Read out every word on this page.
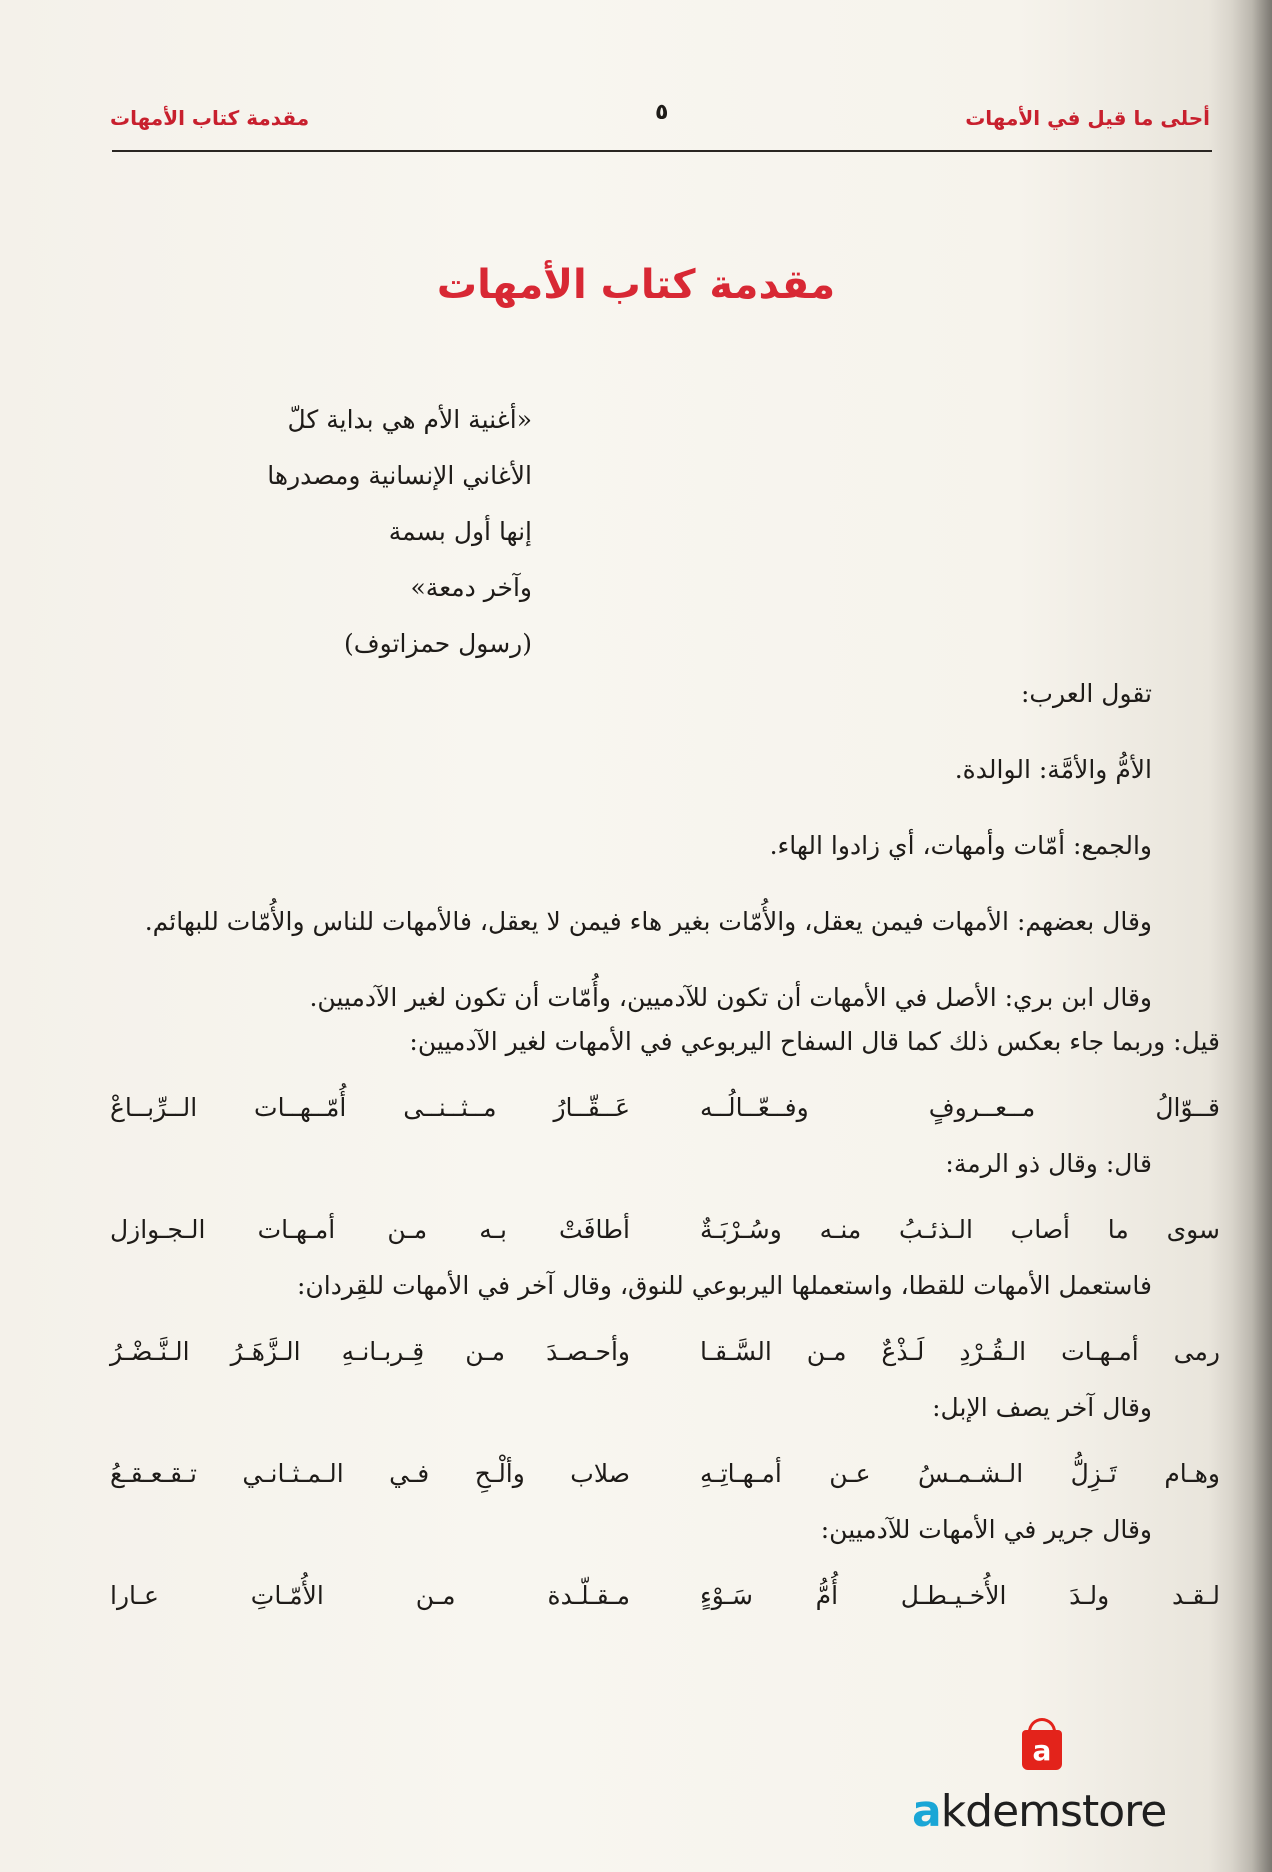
أحلى ما قيل في الأمهات
٥
مقدمة كتاب الأمهات
مقدمة كتاب الأمهات
«أغنية الأم هي بداية كلّ
الأغاني الإنسانية ومصدرها
إنها أول بسمة
وآخر دمعة»
(رسول حمزاتوف)

تقول العرب:

الأمُّ والأمَّة: الوالدة.

والجمع: أمّات وأمهات، أي زادوا الهاء.

وقال بعضهم: الأمهات فيمن يعقل، والأُمّات بغير هاء فيمن لا يعقل، فالأمهات للناس والأُمّات للبهائم.

وقال ابن بري: الأصل في الأمهات أن تكون للآدميين، وأُمّات أن تكون لغير الآدميين.

قيل: وربما جاء بعكس ذلك كما قال السفاح اليربوعي في الأمهات لغير الآدميين:

قــوّالُ مــعــروفٍ وفــعّــالُــه
عَــقّــارُ مــثــنــى أُمّــهــات الــرِّبــاعْ

قال: وقال ذو الرمة:

سوى ما أصاب الـذئـبُ منـه وسُـرْبَـةٌ
أطافَتْ بـه مـن أمـهـات الـجـوازل

فاستعمل الأمهات للقطا، واستعملها اليربوعي للنوق، وقال آخر في الأمهات للقِردان:

رمى أمـهـات الـقُـرْدِ لَـذْعٌ مـن السَّـقـا
وأحـصـدَ مـن قِـربـانـهِ الـزَّهَـرُ الـنَّـضْـرُ

وقال آخر يصف الإبل:

وهـام تَـزِلُّ الـشـمـسُ عـن أمـهـاتِـهِ
صلاب وألْـحِ فـي الـمـثـانـي تـقـعـقـعُ

وقال جرير في الأمهات للآدميين:

لـقـد ولـدَ الأُخـيـطـل أُمُّ سَـوْءٍ
مـقـلّـدة مـن الأُمّـاتِ عـارا
a
akdemstore
